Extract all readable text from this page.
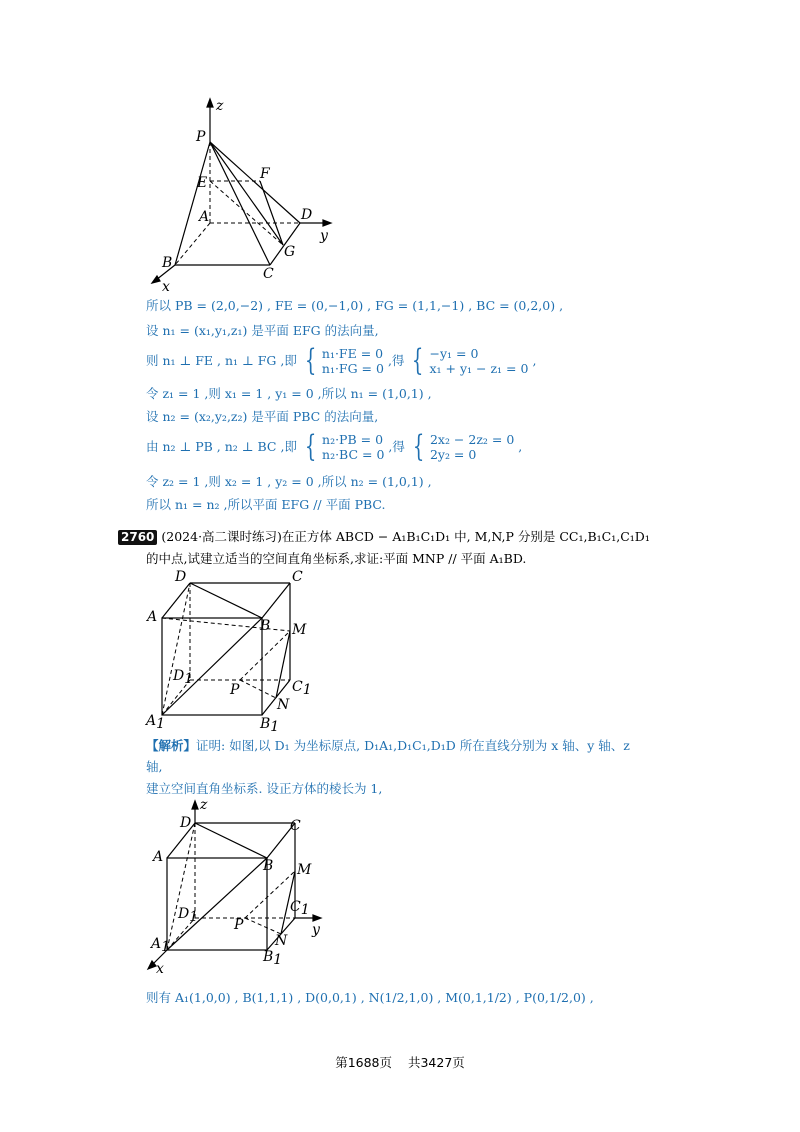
z
P
E
F
A	D
y
B
C
G
x
所以 PB = (2,0,−2) , FE = (0,−1,0) , FG = (1,1,−1) , BC = (0,2,0) ,
设 n₁ = (x₁,y₁,z₁) 是平面 EFG 的法向量,
则 n₁ ⊥ FE , n₁ ⊥ FG ,即 { n₁·FE = 0
n₁·FG = 0 ,得 { −y₁ = 0
x₁ + y₁ − z₁ = 0 ,
令 z₁ = 1 ,则 x₁ = 1 , y₁ = 0 ,所以 n₁ = (1,0,1) ,
设 n₂ = (x₂,y₂,z₂) 是平面 PBC 的法向量,
由 n₂ ⊥ PB , n₂ ⊥ BC ,即 { n₂·PB = 0
n₂·BC = 0 ,得 { 2x₂ − 2z₂ = 0
2y₂ = 0 ,
令 z₂ = 1 ,则 x₂ = 1 , y₂ = 0 ,所以 n₂ = (1,0,1) ,
所以 n₁ = n₂ ,所以平面 EFG // 平面 PBC.
2760 (2024·高二课时练习)在正方体 ABCD − A₁B₁C₁D₁ 中, M,N,P 分别是 CC₁,B₁C₁,C₁D₁
的中点,试建立适当的空间直角坐标系,求证:平面 MNP // 平面 A₁BD.
D	C
A
B M
D1	C1
P
N
A1	B1
【解析】证明: 如图,以 D₁ 为坐标原点, D₁A₁,D₁C₁,D₁D 所在直线分别为 x 轴、y 轴、z
轴,
建立空间直角坐标系. 设正方体的棱长为 1,
z
D	C
A
B M
D1
C1
y
P
N
A1
B1
x
则有 A₁(1,0,0) , B(1,1,1) , D(0,0,1) , N(1/2,1,0) , M(0,1,1/2) , P(0,1/2,0) ,
第1688页 共3427页
